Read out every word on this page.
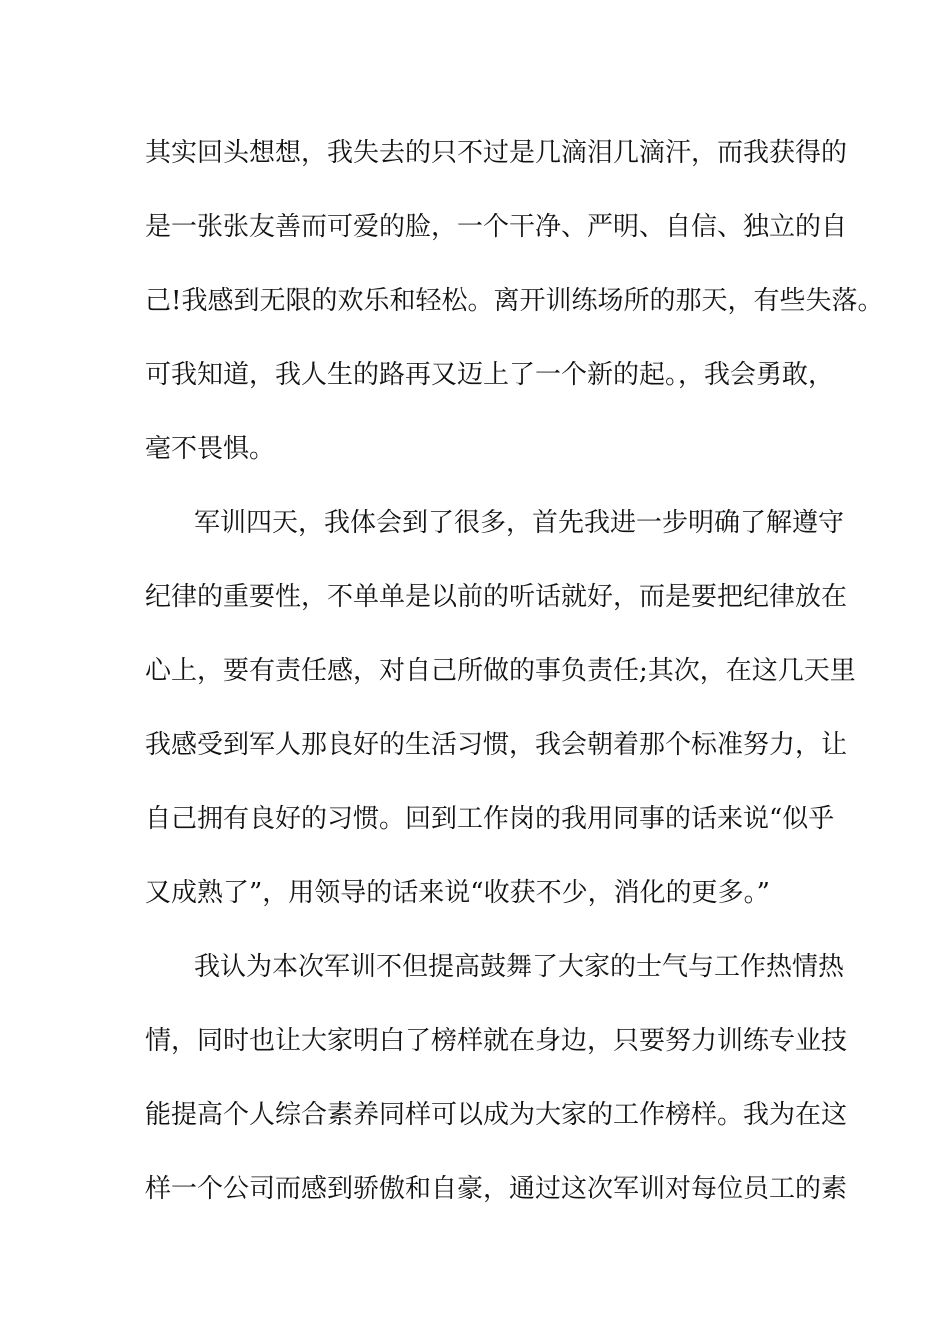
其实回头想想，我失去的只不过是几滴泪几滴汗，而我获得的
是一张张友善而可爱的脸，一个干净、严明、自信、独立的自
己!我感到无限的欢乐和轻松。离开训练场所的那天，有些失落。
可我知道，我人生的路再又迈上了一个新的起。，我会勇敢，
毫不畏惧。
军训四天，我体会到了很多，首先我进一步明确了解遵守
纪律的重要性，不单单是以前的听话就好，而是要把纪律放在
心上，要有责任感，对自己所做的事负责任;其次，在这几天里
我感受到军人那良好的生活习惯，我会朝着那个标准努力，让
自己拥有良好的习惯。回到工作岗的我用同事的话来说“似乎
又成熟了”，用领导的话来说“收获不少，消化的更多。”
我认为本次军训不但提高鼓舞了大家的士气与工作热情热
情，同时也让大家明白了榜样就在身边，只要努力训练专业技
能提高个人综合素养同样可以成为大家的工作榜样。我为在这
样一个公司而感到骄傲和自豪，通过这次军训对每位员工的素
